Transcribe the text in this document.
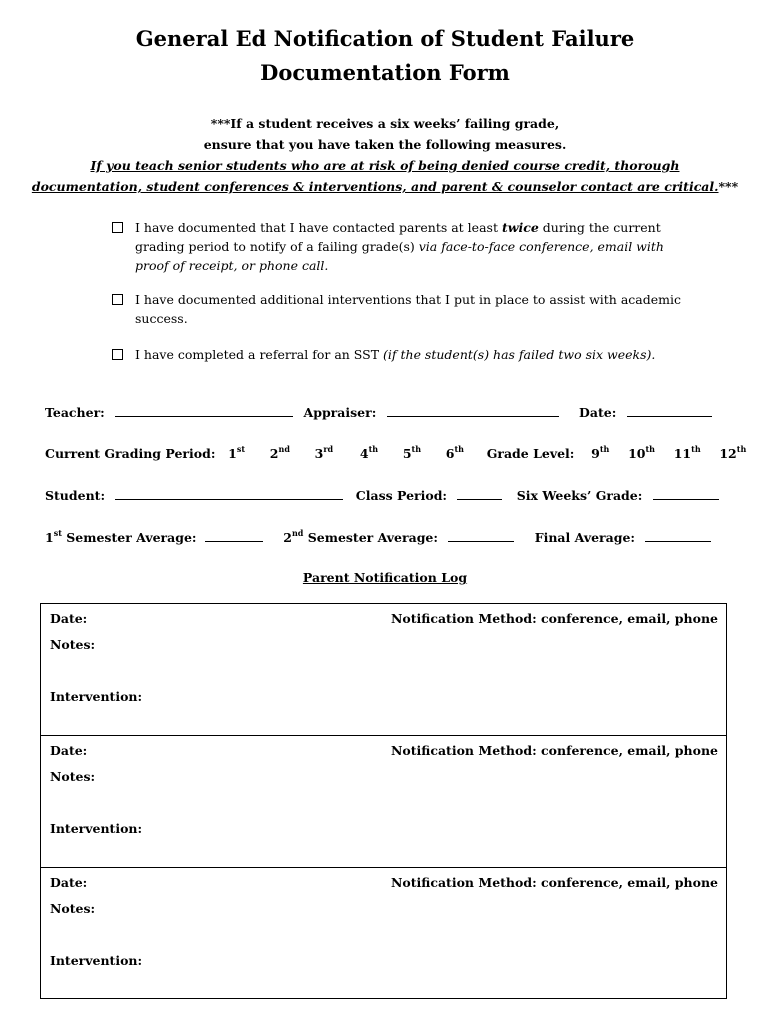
General Ed Notification of Student Failure
Documentation Form
***If a student receives a six weeks’ failing grade,
ensure that you have taken the following measures.
If you teach senior students who are at risk of being denied course credit, thorough
documentation, student conferences & interventions, and parent & counselor contact are critical.***
I have documented that I have contacted parents at least twice during the current grading period to notify of a failing grade(s) via face-to-face conference, email with proof of receipt, or phone call.
I have documented additional interventions that I put in place to assist with academic success.
I have completed a referral for an SST (if the student(s) has failed two six weeks).
Teacher:	Appraiser:	Date:
Current Grading Period: 1st 2nd 3rd 4th 5th 6th Grade Level: 9th 10th 11th 12th
Student:	Class Period:	Six Weeks’ Grade:
1st Semester Average:	2nd Semester Average:	Final Average:
Parent Notification Log
Date:	Notification Method: conference, email, phone
Notes:
Intervention:
Date:	Notification Method: conference, email, phone
Notes:
Intervention:
Date:	Notification Method: conference, email, phone
Notes:
Intervention:
